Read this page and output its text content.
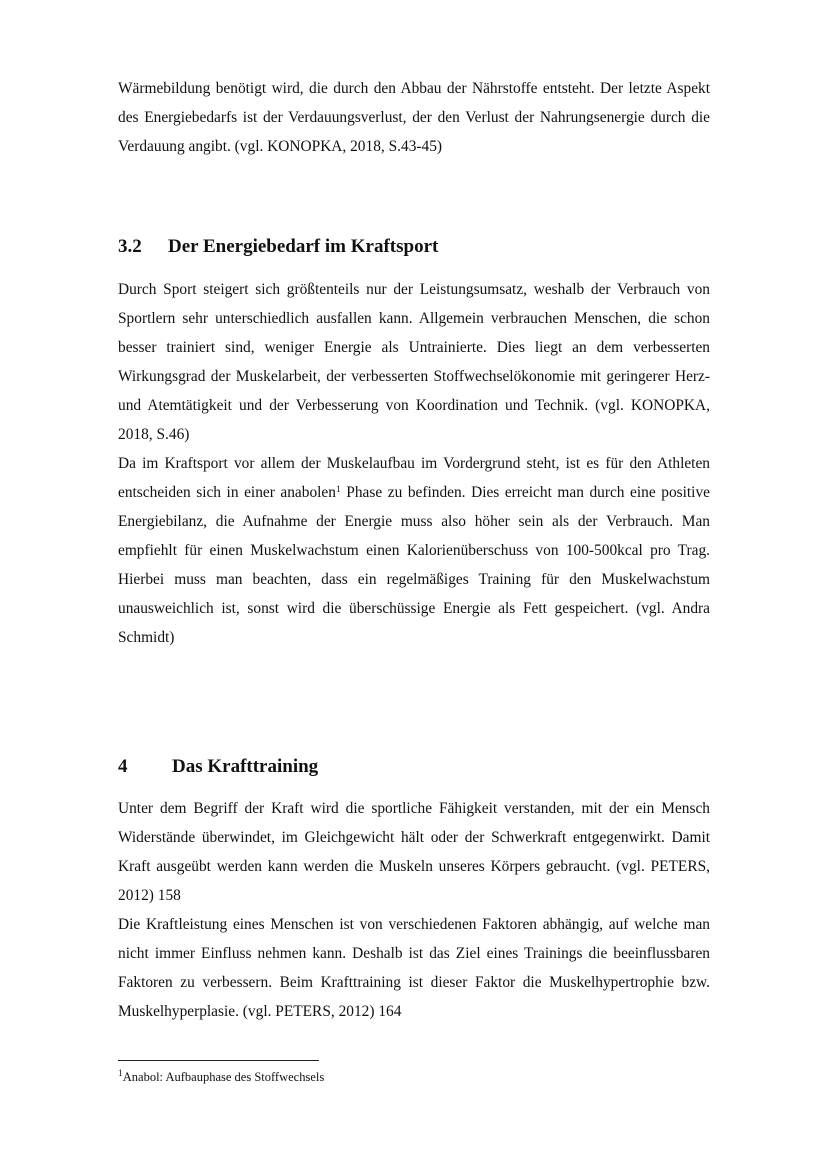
Wärmebildung benötigt wird, die durch den Abbau der Nährstoffe entsteht. Der letzte Aspekt des Energiebedarfs ist der Verdauungsverlust, der den Verlust der Nahrungsenergie durch die Verdauung angibt. (vgl. KONOPKA, 2018, S.43-45)

3.2 Der Energiebedarf im Kraftsport

Durch Sport steigert sich größtenteils nur der Leistungsumsatz, weshalb der Verbrauch von Sportlern sehr unterschiedlich ausfallen kann. Allgemein verbrauchen Menschen, die schon besser trainiert sind, weniger Energie als Untrainierte. Dies liegt an dem verbesserten Wirkungsgrad der Muskelarbeit, der verbesserten Stoffwechselökonomie mit geringerer Herz- und Atemtätigkeit und der Verbesserung von Koordination und Technik. (vgl. KONOPKA, 2018, S.46)

Da im Kraftsport vor allem der Muskelaufbau im Vordergrund steht, ist es für den Athleten entscheiden sich in einer anabolen$^1$ Phase zu befinden. Dies erreicht man durch eine positive Energiebilanz, die Aufnahme der Energie muss also höher sein als der Verbrauch. Man empfiehlt für einen Muskelwachstum einen Kalorienüberschuss von 100-500kcal pro Trag. Hierbei muss man beachten, dass ein regelmäßiges Training für den Muskelwachstum unausweichlich ist, sonst wird die überschüssige Energie als Fett gespeichert. (vgl. Andra Schmidt)

4 Das Krafttraining

Unter dem Begriff der Kraft wird die sportliche Fähigkeit verstanden, mit der ein Mensch Widerstände überwindet, im Gleichgewicht hält oder der Schwerkraft entgegenwirkt. Damit Kraft ausgeübt werden kann werden die Muskeln unseres Körpers gebraucht. (vgl. PETERS, 2012) 158

Die Kraftleistung eines Menschen ist von verschiedenen Faktoren abhängig, auf welche man nicht immer Einfluss nehmen kann. Deshalb ist das Ziel eines Trainings die beeinflussbaren Faktoren zu verbessern. Beim Krafttraining ist dieser Faktor die Muskelhypertrophie bzw. Muskelhyperplasie. (vgl. PETERS, 2012) 164

$^1$Anabol: Aufbauphase des Stoffwechsels
